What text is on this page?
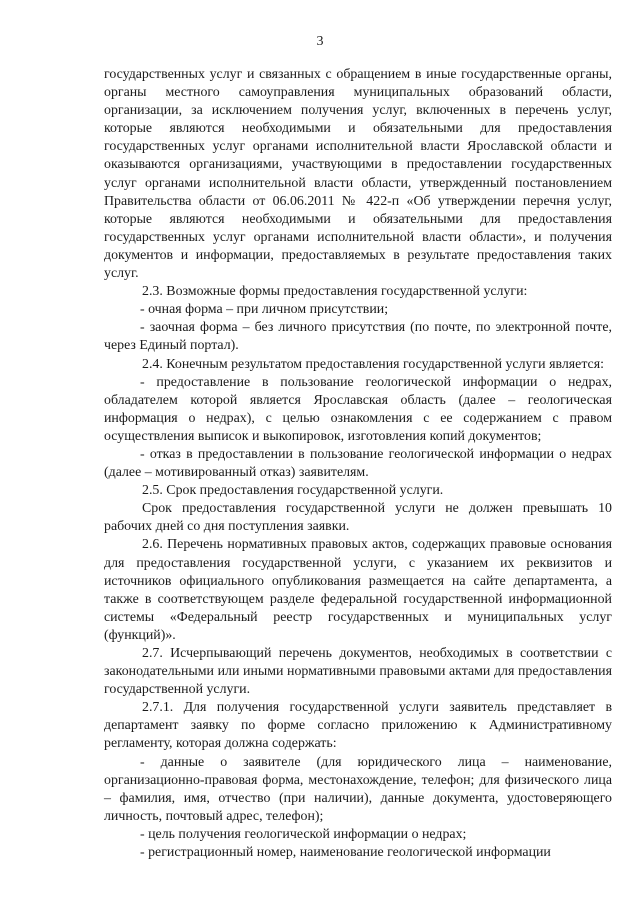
3

государственных услуг и связанных с обращением в иные государственные органы, органы местного самоуправления муниципальных образований области, организации, за исключением получения услуг, включенных в перечень услуг, которые являются необходимыми и обязательными для предоставления государственных услуг органами исполнительной власти Ярославской области и оказываются организациями, участвующими в предоставлении государственных услуг органами исполнительной власти области, утвержденный постановлением Правительства области от 06.06.2011 № 422-п «Об утверждении перечня услуг, которые являются необходимыми и обязательными для предоставления государственных услуг органами исполнительной власти области», и получения документов и информации, предоставляемых в результате предоставления таких услуг.

2.3. Возможные формы предоставления государственной услуги:

- очная форма – при личном присутствии;

- заочная форма – без личного присутствия (по почте, по электронной почте, через Единый портал).

2.4. Конечным результатом предоставления государственной услуги является:

- предоставление в пользование геологической информации о недрах, обладателем которой является Ярославская область (далее – геологическая информация о недрах), с целью ознакомления с ее содержанием с правом осуществления выписок и выкопировок, изготовления копий документов;

- отказ в предоставлении в пользование геологической информации о недрах (далее – мотивированный отказ) заявителям.

2.5. Срок предоставления государственной услуги.

Срок предоставления государственной услуги не должен превышать 10 рабочих дней со дня поступления заявки.

2.6. Перечень нормативных правовых актов, содержащих правовые основания для предоставления государственной услуги, с указанием их реквизитов и источников официального опубликования размещается на сайте департамента, а также в соответствующем разделе федеральной государственной информационной системы «Федеральный реестр государственных и муниципальных услуг (функций)».

2.7. Исчерпывающий перечень документов, необходимых в соответствии с законодательными или иными нормативными правовыми актами для предоставления государственной услуги.

2.7.1. Для получения государственной услуги заявитель представляет в департамент заявку по форме согласно приложению к Административному регламенту, которая должна содержать:

- данные о заявителе (для юридического лица – наименование, организационно-правовая форма, местонахождение, телефон; для физического лица – фамилия, имя, отчество (при наличии), данные документа, удостоверяющего личность, почтовый адрес, телефон);

- цель получения геологической информации о недрах;

- регистрационный номер, наименование геологической информации
